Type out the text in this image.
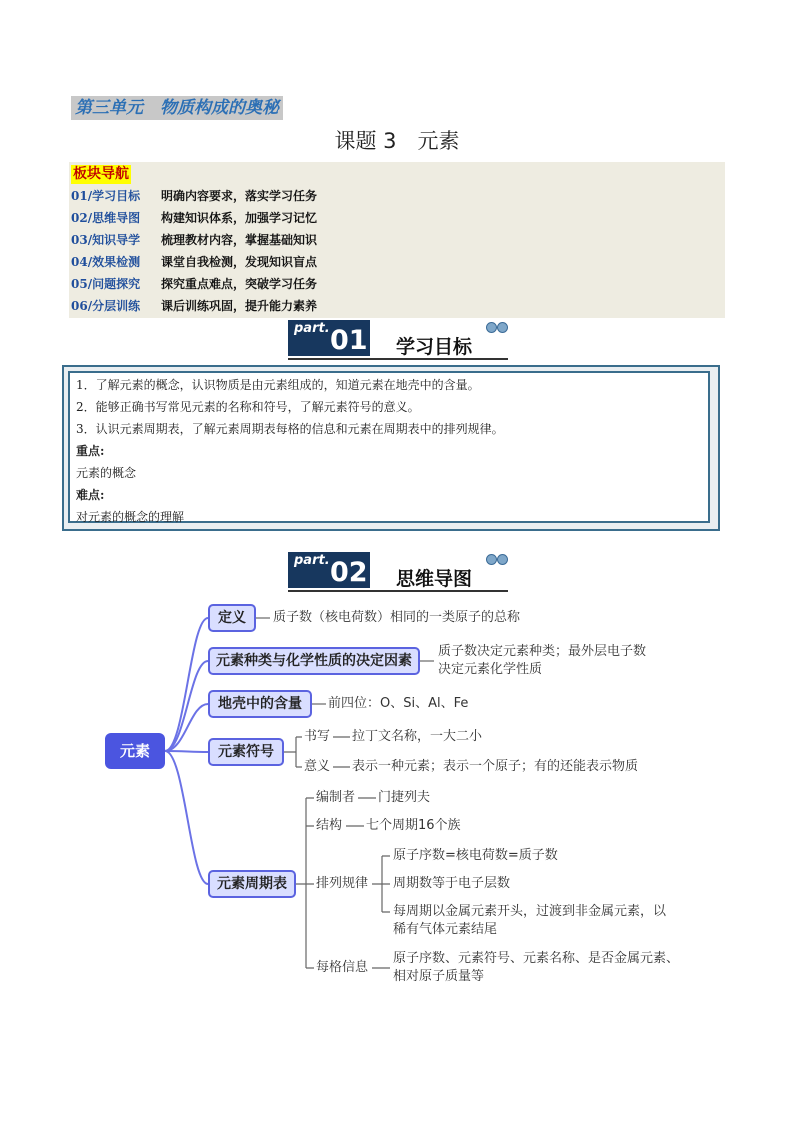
第三单元　物质构成的奥秘
课题 3　元素
板块导航
01/学习目标 明确内容要求，落实学习任务
02/思维导图 构建知识体系，加强学习记忆
03/知识导学 梳理教材内容，掌握基础知识
04/效果检测 课堂自我检测，发现知识盲点
05/问题探究 探究重点难点，突破学习任务
06/分层训练 课后训练巩固，提升能力素养
part. 01 学习目标
1．了解元素的概念，认识物质是由元素组成的，知道元素在地壳中的含量。
2．能够正确书写常见元素的名称和符号，了解元素符号的意义。
3．认识元素周期表，了解元素周期表每格的信息和元素在周期表中的排列规律。
重点:
元素的概念
难点:
对元素的概念的理解
part. 02 思维导图
元素
定义	质子数（核电荷数）相同的一类原子的总称
元素种类与化学性质的决定因素
质子数决定元素种类；最外层电子数
决定元素化学性质
地壳中的含量	前四位：O、Si、Al、Fe
元素符号
书写 拉丁文名称，一大二小
意义 表示一种元素；表示一个原子；有的还能表示物质
元素周期表
编制者 门捷列夫
结构 七个周期16个族
排列规律
原子序数=核电荷数=质子数
周期数等于电子层数
每周期以金属元素开头，过渡到非金属元素，以
稀有气体元素结尾
每格信息
原子序数、元素符号、元素名称、是否金属元素、
相对原子质量等
